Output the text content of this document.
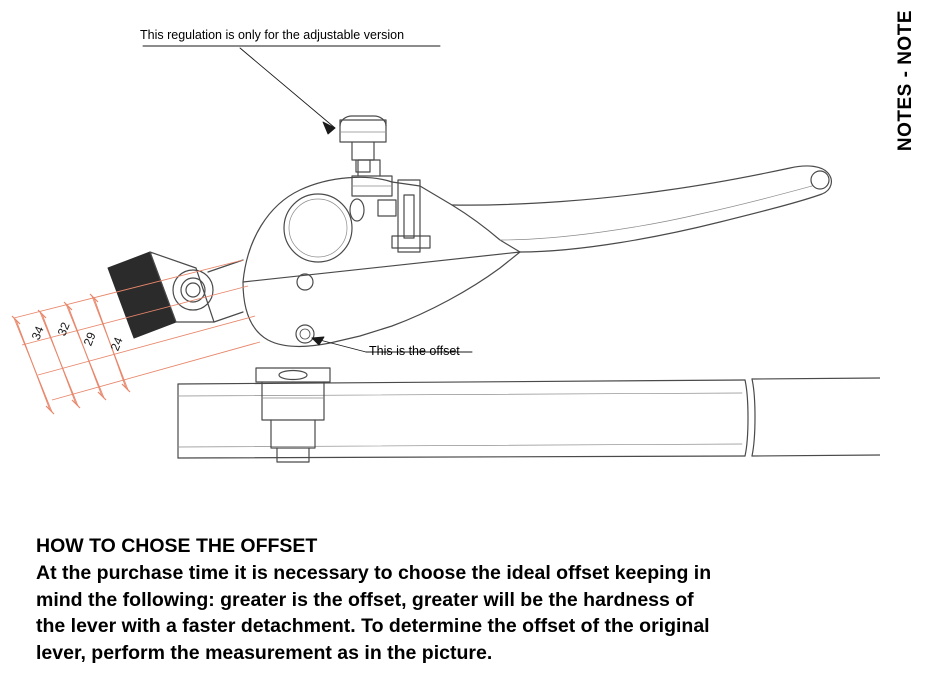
NOTES - NOTE
This regulation is only for the adjustable version
This is the offset
34 32
29 24
HOW TO CHOSE THE OFFSET

At the purchase time it is necessary to choose the ideal offset keeping in
mind the following: greater is the offset, greater will be the hardness of
the lever with a faster detachment. To determine the offset of the original
lever, perform the measurement as in the picture.
